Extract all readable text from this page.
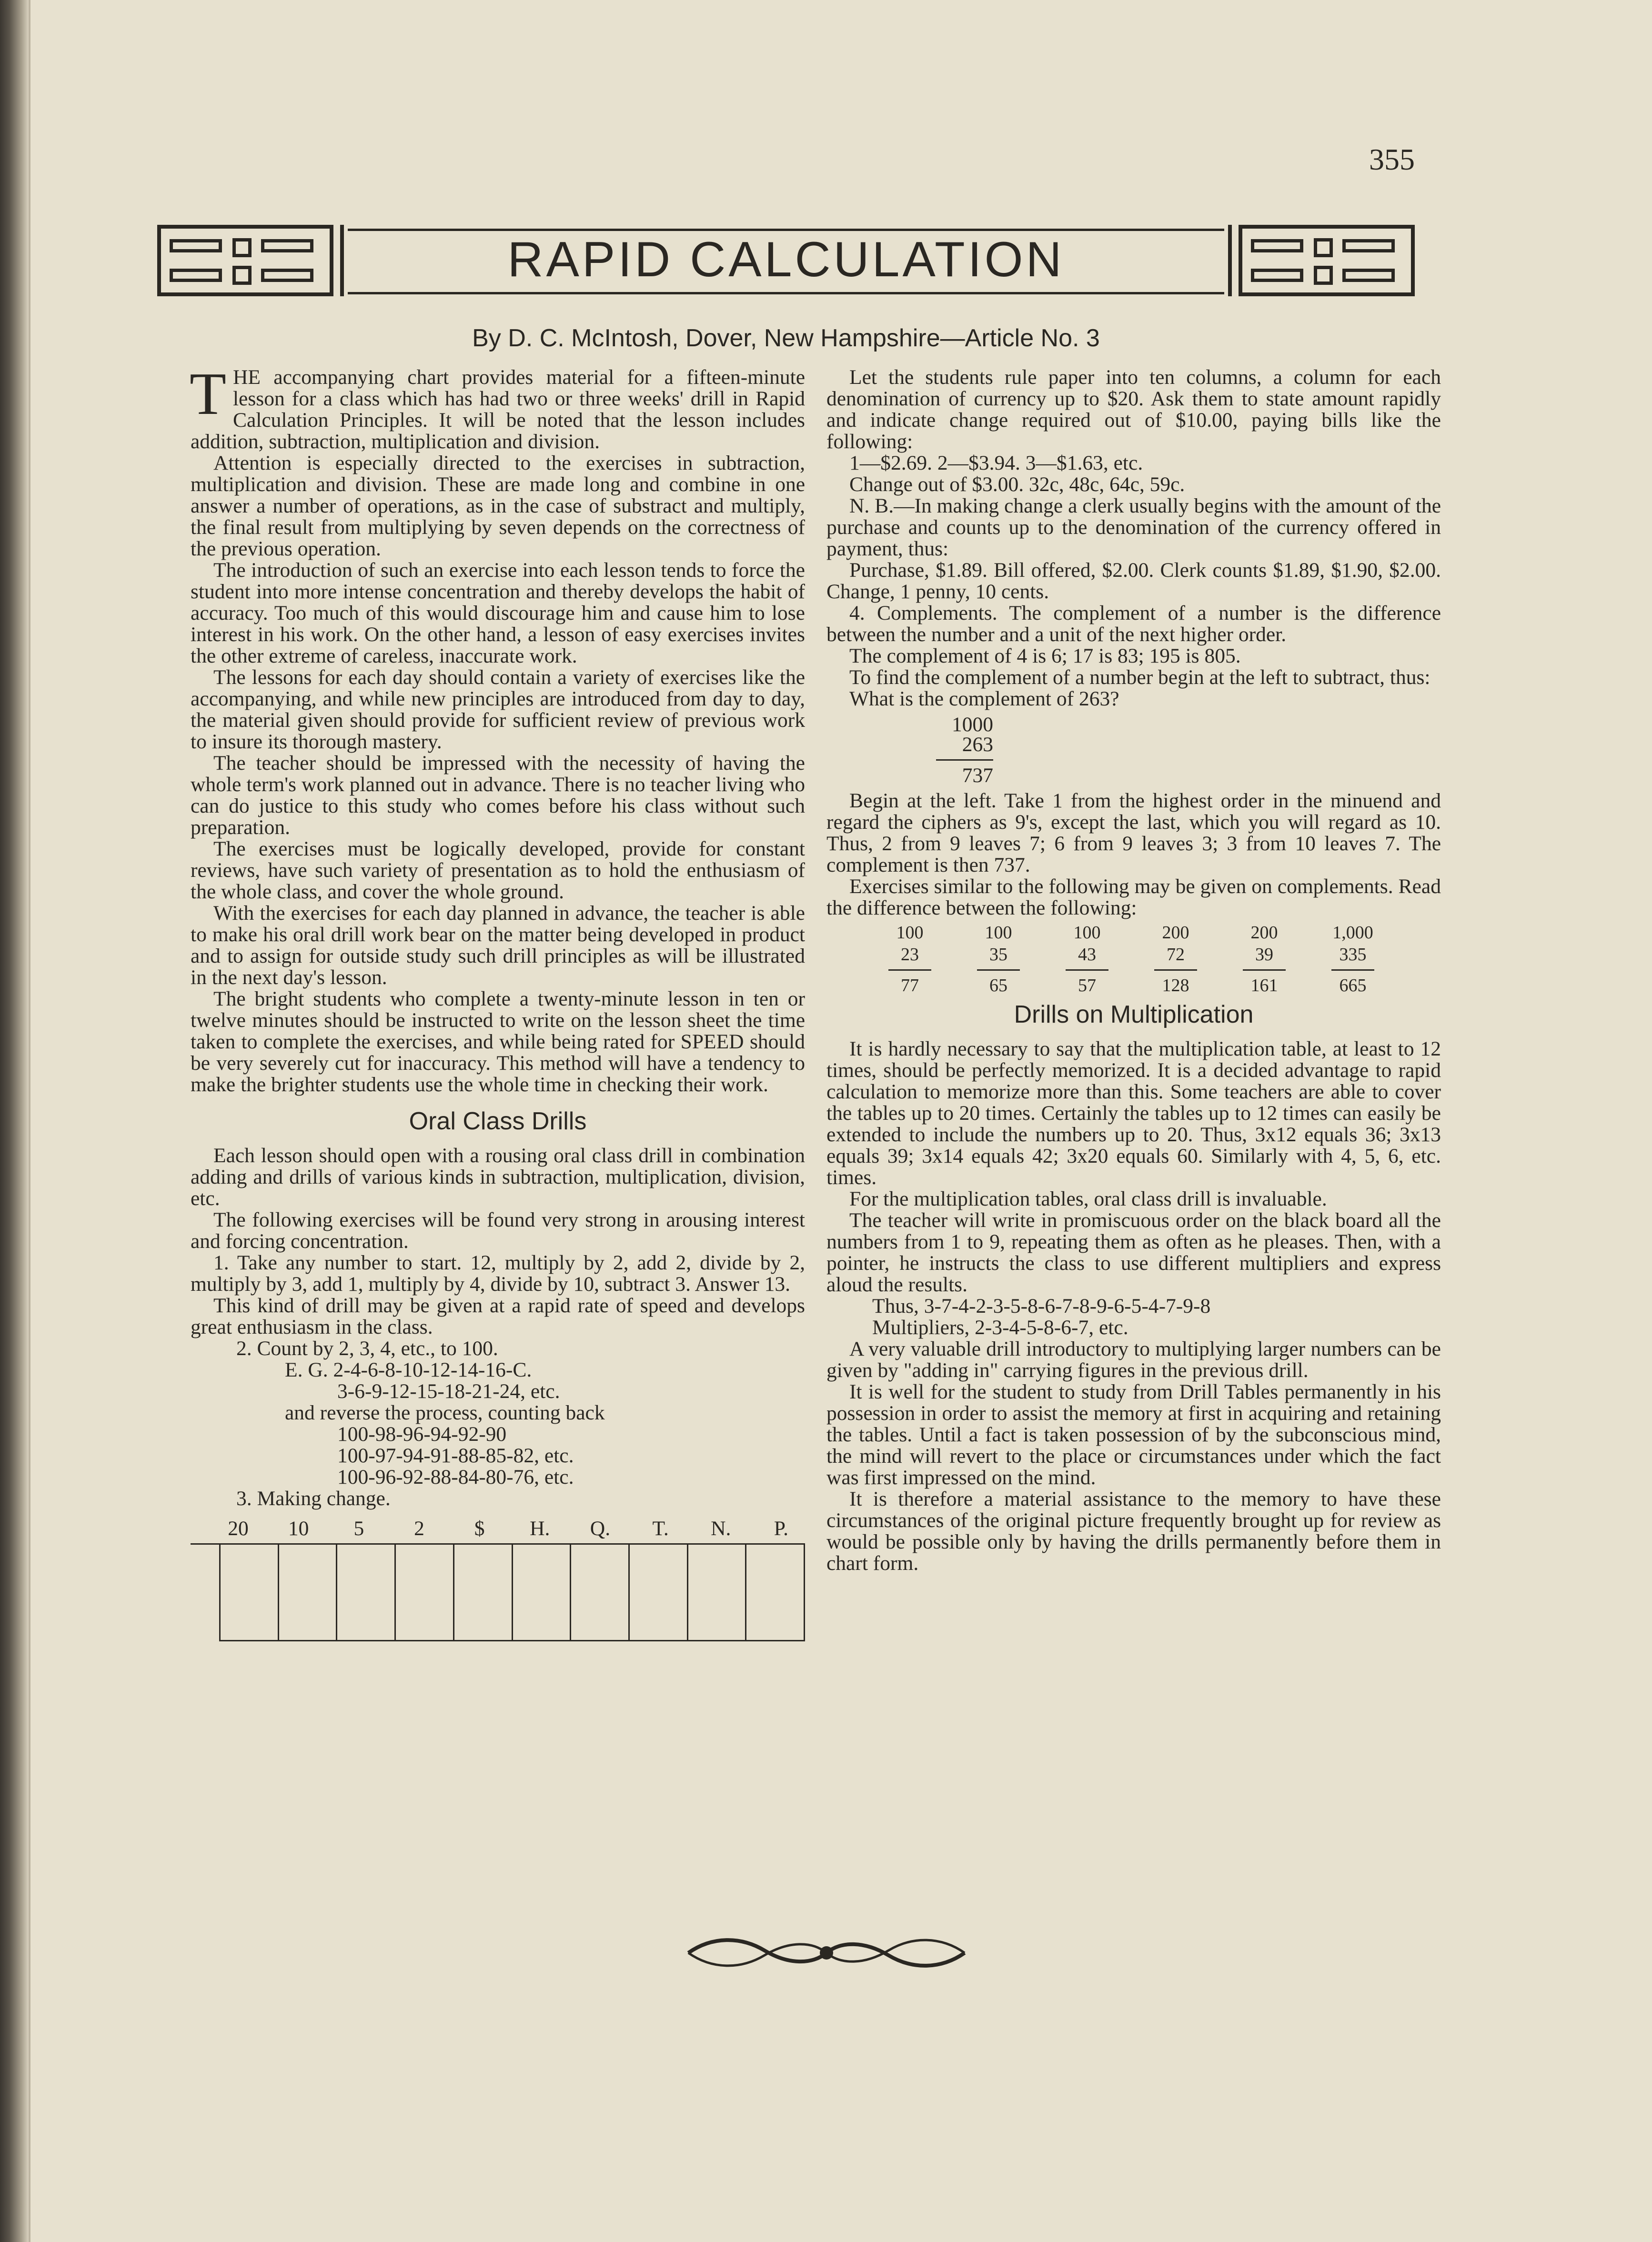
355
RAPID CALCULATION
By D. C. McIntosh, Dover, New Hampshire—Article No. 3

THE accompanying chart provides material for a fifteen-minute lesson for a class which has had two or three weeks' drill in Rapid Calculation Principles. It will be noted that the lesson includes addition, subtraction, multiplication and division.

Attention is especially directed to the exercises in subtraction, multiplication and division. These are made long and combine in one answer a number of operations, as in the case of substract and multiply, the final result from multiplying by seven depends on the correctness of the previous operation.

The introduction of such an exercise into each lesson tends to force the student into more intense concentration and thereby develops the habit of accuracy. Too much of this would discourage him and cause him to lose interest in his work. On the other hand, a lesson of easy exercises invites the other extreme of careless, inaccurate work.

The lessons for each day should contain a variety of exercises like the accompanying, and while new principles are introduced from day to day, the material given should provide for sufficient review of previous work to insure its thorough mastery.

The teacher should be impressed with the necessity of having the whole term's work planned out in advance. There is no teacher living who can do justice to this study who comes before his class without such preparation.

The exercises must be logically developed, provide for constant reviews, have such variety of presentation as to hold the enthusiasm of the whole class, and cover the whole ground.

With the exercises for each day planned in advance, the teacher is able to make his oral drill work bear on the matter being developed in product and to assign for outside study such drill principles as will be illustrated in the next day's lesson.

The bright students who complete a twenty-minute lesson in ten or twelve minutes should be instructed to write on the lesson sheet the time taken to complete the exercises, and while being rated for SPEED should be very severely cut for inaccuracy. This method will have a tendency to make the brighter students use the whole time in checking their work.

Oral Class Drills

Each lesson should open with a rousing oral class drill in combination adding and drills of various kinds in subtraction, multiplication, division, etc.

The following exercises will be found very strong in arousing interest and forcing concentration.

1. Take any number to start. 12, multiply by 2, add 2, divide by 2, multiply by 3, add 1, multiply by 4, divide by 10, subtract 3. Answer 13.

This kind of drill may be given at a rapid rate of speed and develops great enthusiasm in the class.

2. Count by 2, 3, 4, etc., to 100.

E. G. 2-4-6-8-10-12-14-16-C.

3-6-9-12-15-18-21-24, etc.

and reverse the process, counting back

100-98-96-94-92-90

100-97-94-91-88-85-82, etc.

100-96-92-88-84-80-76, etc.

3. Making change.

20	10	5	2	$	H.	Q.	T.	N.	P.

Let the students rule paper into ten columns, a column for each denomination of currency up to $20. Ask them to state amount rapidly and indicate change required out of $10.00, paying bills like the following:

1—$2.69. 2—$3.94. 3—$1.63, etc.

Change out of $3.00. 32c, 48c, 64c, 59c.

N. B.—In making change a clerk usually begins with the amount of the purchase and counts up to the denomination of the currency offered in payment, thus:

Purchase, $1.89. Bill offered, $2.00. Clerk counts $1.89, $1.90, $2.00. Change, 1 penny, 10 cents.

4. Complements. The complement of a number is the difference between the number and a unit of the next higher order.

The complement of 4 is 6; 17 is 83; 195 is 805.

To find the complement of a number begin at the left to subtract, thus:

What is the complement of 263?

1000
263
737

Begin at the left. Take 1 from the highest order in the minuend and regard the ciphers as 9's, except the last, which you will regard as 10. Thus, 2 from 9 leaves 7; 6 from 9 leaves 3; 3 from 10 leaves 7. The complement is then 737.

Exercises similar to the following may be given on complements. Read the difference between the following:

100	100	100	200	200	1,000
23	35	43	72	39	335
77	65	57	128	161	665
Drills on Multiplication

It is hardly necessary to say that the multiplication table, at least to 12 times, should be perfectly memorized. It is a decided advantage to rapid calculation to memorize more than this. Some teachers are able to cover the tables up to 20 times. Certainly the tables up to 12 times can easily be extended to include the numbers up to 20. Thus, 3x12 equals 36; 3x13 equals 39; 3x14 equals 42; 3x20 equals 60. Similarly with 4, 5, 6, etc. times.

For the multiplication tables, oral class drill is invaluable.

The teacher will write in promiscuous order on the black board all the numbers from 1 to 9, repeating them as often as he pleases. Then, with a pointer, he instructs the class to use different multipliers and express aloud the results.

Thus, 3-7-4-2-3-5-8-6-7-8-9-6-5-4-7-9-8

Multipliers, 2-3-4-5-8-6-7, etc.

A very valuable drill introductory to multiplying larger numbers can be given by "adding in" carrying figures in the previous drill.

It is well for the student to study from Drill Tables permanently in his possession in order to assist the memory at first in acquiring and retaining the tables. Until a fact is taken possession of by the subconscious mind, the mind will revert to the place or circumstances under which the fact was first impressed on the mind.

It is therefore a material assistance to the memory to have these circumstances of the original picture frequently brought up for review as would be possible only by having the drills permanently before them in chart form.
